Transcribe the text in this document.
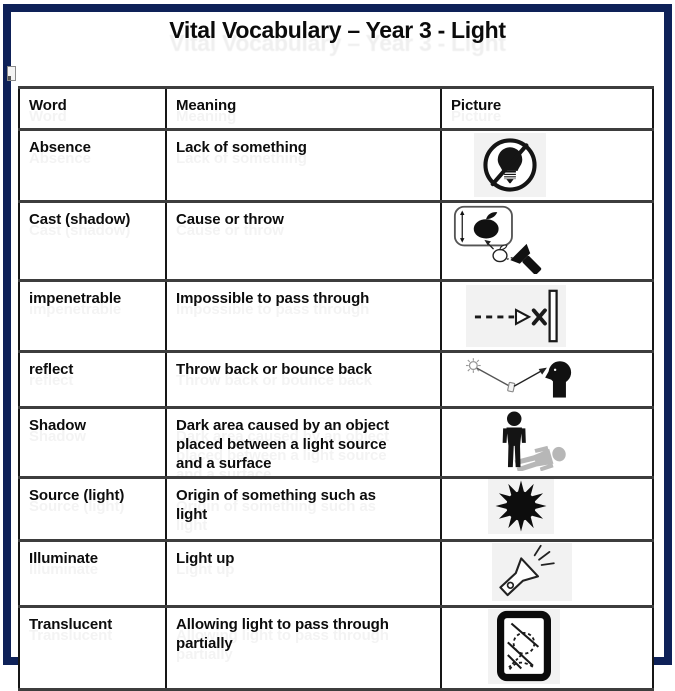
Vital Vocabulary – Year 3 - Light
Word	Meaning	Picture
Absence	Lack of something	

Cast (shadow)	Cause or throw	

impenetrable	Impossible to pass through	

reflect	Throw back or bounce back	

Shadow	Dark area caused by an object placed between a light source and a surface	

Source (light)	Origin of something such as light	

Illuminate	Light up	

Translucent	Allowing light to pass through partially	
